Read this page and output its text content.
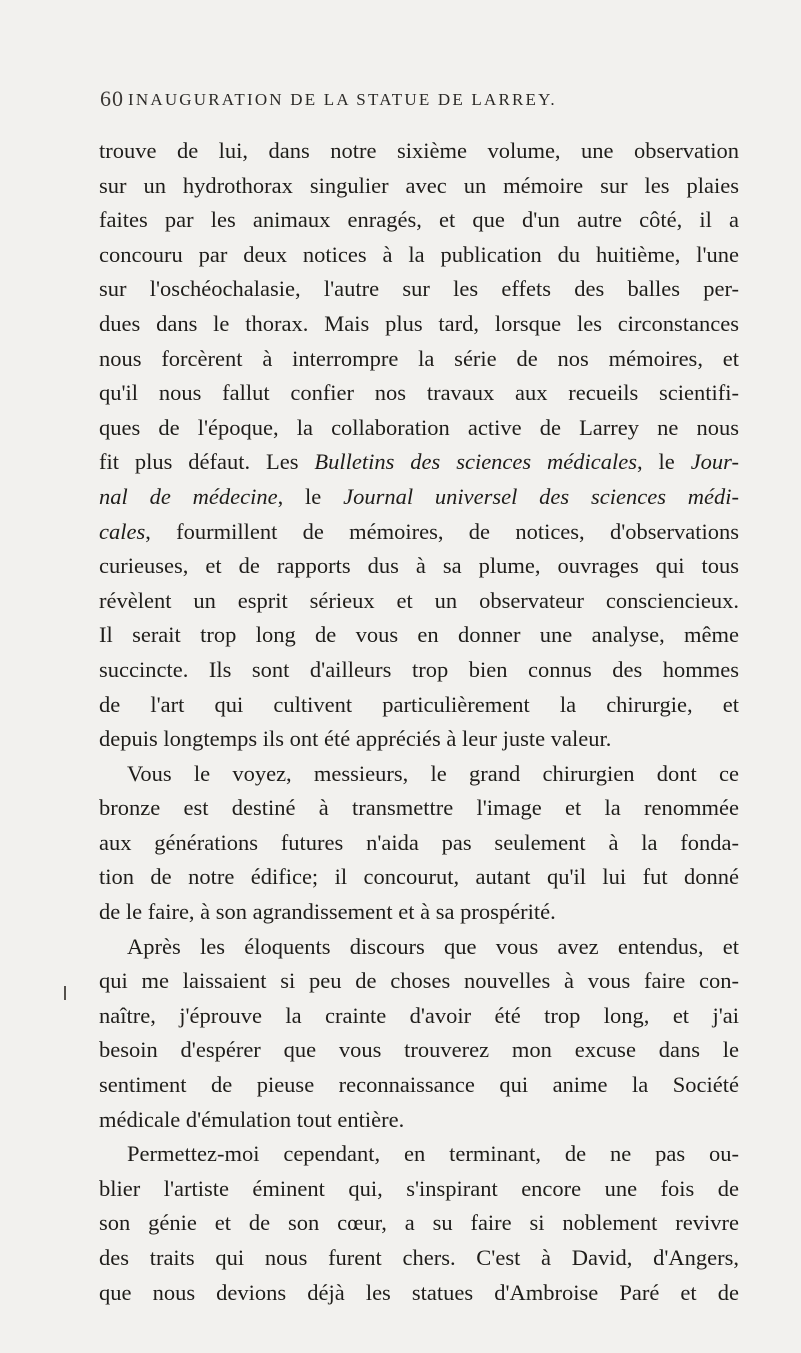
60 INAUGURATION DE LA STATUE DE LARREY.
trouve de lui, dans notre sixième volume, une observation
sur un hydrothorax singulier avec un mémoire sur les plaies
faites par les animaux enragés, et que d'un autre côté, il a
concouru par deux notices à la publication du huitième, l'une
sur l'oschéochalasie, l'autre sur les effets des balles per-
dues dans le thorax. Mais plus tard, lorsque les circonstances
nous forcèrent à interrompre la série de nos mémoires, et
qu'il nous fallut confier nos travaux aux recueils scientifi-
ques de l'époque, la collaboration active de Larrey ne nous
fit plus défaut. Les Bulletins des sciences médicales, le Jour-
nal de médecine, le Journal universel des sciences médi-
cales, fourmillent de mémoires, de notices, d'observations
curieuses, et de rapports dus à sa plume, ouvrages qui tous
révèlent un esprit sérieux et un observateur consciencieux.
Il serait trop long de vous en donner une analyse, même
succincte. Ils sont d'ailleurs trop bien connus des hommes
de l'art qui cultivent particulièrement la chirurgie, et
depuis longtemps ils ont été appréciés à leur juste valeur.
Vous le voyez, messieurs, le grand chirurgien dont ce
bronze est destiné à transmettre l'image et la renommée
aux générations futures n'aida pas seulement à la fonda-
tion de notre édifice; il concourut, autant qu'il lui fut donné
de le faire, à son agrandissement et à sa prospérité.
Après les éloquents discours que vous avez entendus, et
qui me laissaient si peu de choses nouvelles à vous faire con-
naître, j'éprouve la crainte d'avoir été trop long, et j'ai
besoin d'espérer que vous trouverez mon excuse dans le
sentiment de pieuse reconnaissance qui anime la Société
médicale d'émulation tout entière.
Permettez-moi cependant, en terminant, de ne pas ou-
blier l'artiste éminent qui, s'inspirant encore une fois de
son génie et de son cœur, a su faire si noblement revivre
des traits qui nous furent chers. C'est à David, d'Angers,
que nous devions déjà les statues d'Ambroise Paré et de
